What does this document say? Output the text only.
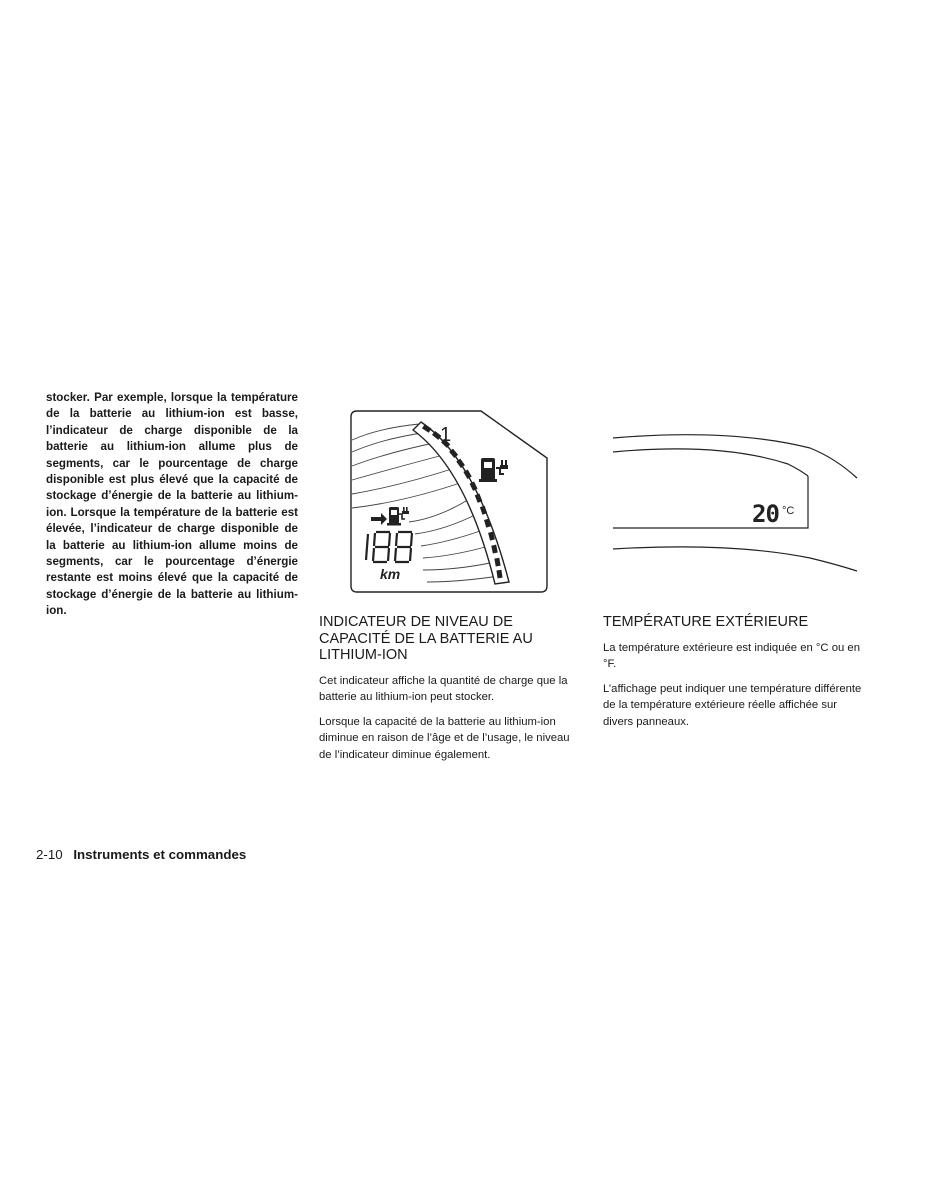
stocker. Par exemple, lorsque la température de la batterie au lithium-ion est basse, l’indicateur de charge disponible de la batterie au lithium-ion allume plus de segments, car le pourcentage de charge disponible est plus élevé que la capacité de stockage d’énergie de la batterie au lithium-ion. Lorsque la température de la batterie est élevée, l’indicateur de charge disponible de la batterie au lithium-ion allume moins de segments, car le pourcentage d’énergie restante est moins élevé que la capacité de stockage d’énergie de la batterie au lithium-ion.
1
km
INDICATEUR DE NIVEAU DE CAPACITÉ DE LA BATTERIE AU LITHIUM-ION

Cet indicateur affiche la quantité de charge que la batterie au lithium-ion peut stocker.

Lorsque la capacité de la batterie au lithium-ion diminue en raison de l’âge et de l’usage, le niveau de l’indicateur diminue également.

20 °C
TEMPÉRATURE EXTÉRIEURE

La température extérieure est indiquée en °C ou en °F.

L’affichage peut indiquer une température différente de la température extérieure réelle affichée sur divers panneaux.

2-10 Instruments et commandes
